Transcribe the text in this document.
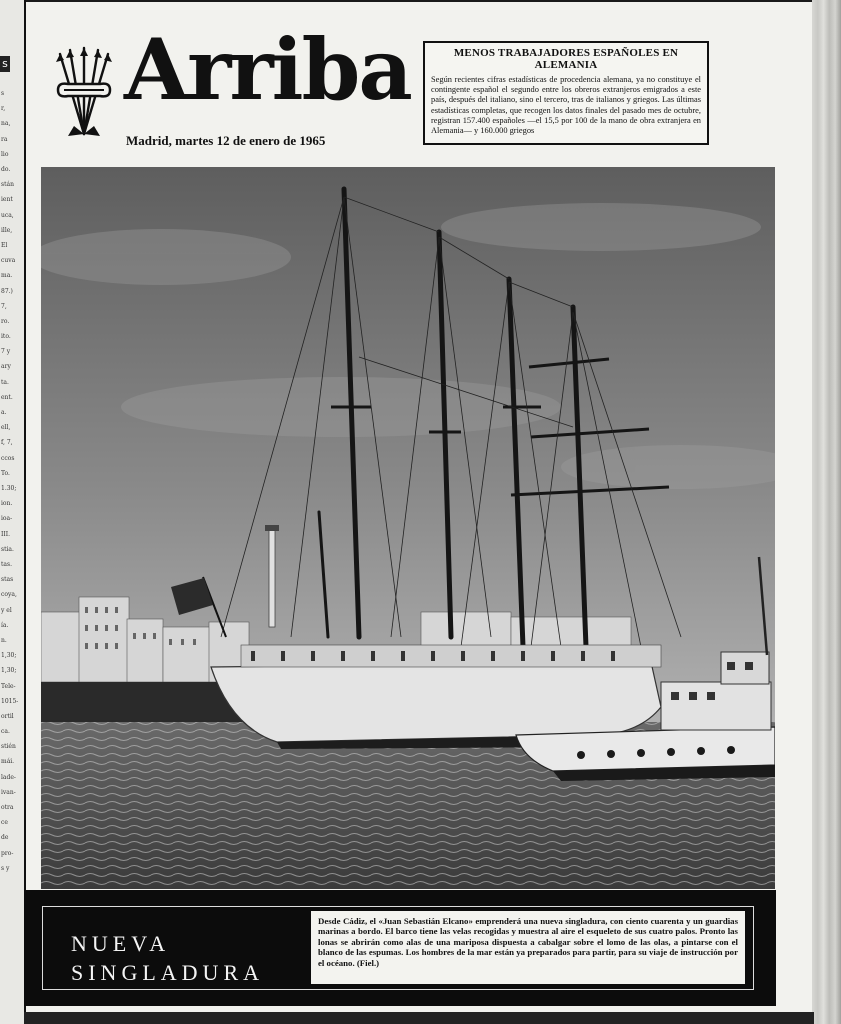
s
s
r,
na,
ra
lio
do.
stán
ient
uca,
ille,
El
cuva
ma.
87.)
7,
ro.
ito.
7 y
ary
ta.
ent.
a.
ell,
f, 7,
ccos
To.
1.30;
ion.
ioa-
III.
stia.
tas.
stas
coya,
y el
ía.
n.
1,30;
1,30;
Tele-
1015-
ortil
ca.
stién
mái.
lade-
ivan-
otra
ce
de
pro-
s y
Arriba
Madrid, martes 12 de enero de 1965
MENOS TRABAJADORES ESPAÑOLES EN ALEMANIA
Según recientes cifras estadísticas de procedencia alemana, ya no constituye el contingente español el segundo entre los obreros extranjeros emigrados a este país, después del italiano, sino el tercero, tras de italianos y griegos. Las últimas estadísticas completas, que recogen los datos finales del pasado mes de octubre, registran 157.400 españoles —el 15,5 por 100 de la mano de obra extranjera en Alemania— y 160.000 griegos
NUEVA
SINGLADURA
Desde Cádiz, el «Juan Sebastián Elcano» emprenderá una nueva singladura, con ciento cuarenta y un guardias marinas a bordo. El barco tiene las velas recogidas y muestra al aire el esqueleto de sus cuatro palos. Pronto las lonas se abrirán como alas de una mariposa dispuesta a cabalgar sobre el lomo de las olas, a pintarse con el blanco de las espumas. Los hombres de la mar están ya preparados para partir, para su viaje de instrucción por el océano. (Fiel.)
